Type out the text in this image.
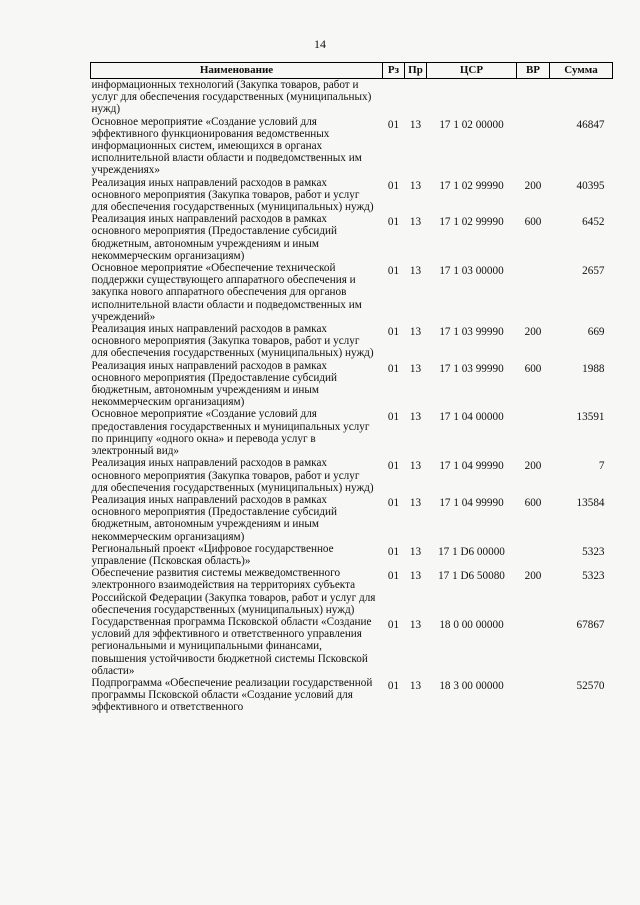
14
Наименование	Рз	Пр	ЦСР	ВР	Сумма
информационных технологий (Закупка товаров, работ и услуг для обеспечения государственных (муниципальных) нужд)					
Основное мероприятие «Создание условий для эффективного функционирования ведомственных информационных систем, имеющихся в органах исполнительной власти области и подведомственных им учреждениях»	01	13	17 1 02 00000		46847
Реализация иных направлений расходов в рамках основного мероприятия (Закупка товаров, работ и услуг для обеспечения государственных (муниципальных) нужд)	01	13	17 1 02 99990	200	40395
Реализация иных направлений расходов в рамках основного мероприятия (Предоставление субсидий бюджетным, автономным учреждениям и иным некоммерческим организациям)	01	13	17 1 02 99990	600	6452
Основное мероприятие «Обеспечение технической поддержки существующего аппаратного обеспечения и закупка нового аппаратного обеспечения для органов исполнительной власти области и подведомственных им учреждений»	01	13	17 1 03 00000		2657
Реализация иных направлений расходов в рамках основного мероприятия (Закупка товаров, работ и услуг для обеспечения государственных (муниципальных) нужд)	01	13	17 1 03 99990	200	669
Реализация иных направлений расходов в рамках основного мероприятия (Предоставление субсидий бюджетным, автономным учреждениям и иным некоммерческим организациям)	01	13	17 1 03 99990	600	1988
Основное мероприятие «Создание условий для предоставления государственных и муниципальных услуг по принципу «одного окна» и перевода услуг в электронный вид»	01	13	17 1 04 00000		13591
Реализация иных направлений расходов в рамках основного мероприятия (Закупка товаров, работ и услуг для обеспечения государственных (муниципальных) нужд)	01	13	17 1 04 99990	200	7
Реализация иных направлений расходов в рамках основного мероприятия (Предоставление субсидий бюджетным, автономным учреждениям и иным некоммерческим организациям)	01	13	17 1 04 99990	600	13584
Региональный проект «Цифровое государственное управление (Псковская область)»	01	13	17 1 D6 00000		5323
Обеспечение развития системы межведомственного электронного взаимодействия на территориях субъекта Российской Федерации (Закупка товаров, работ и услуг для обеспечения государственных (муниципальных) нужд)	01	13	17 1 D6 50080	200	5323
Государственная программа Псковской области «Создание условий для эффективного и ответственного управления региональными и муниципальными финансами, повышения устойчивости бюджетной системы Псковской области»	01	13	18 0 00 00000		67867
Подпрограмма «Обеспечение реализации государственной программы Псковской области «Создание условий для эффективного и ответственного	01	13	18 3 00 00000		52570
